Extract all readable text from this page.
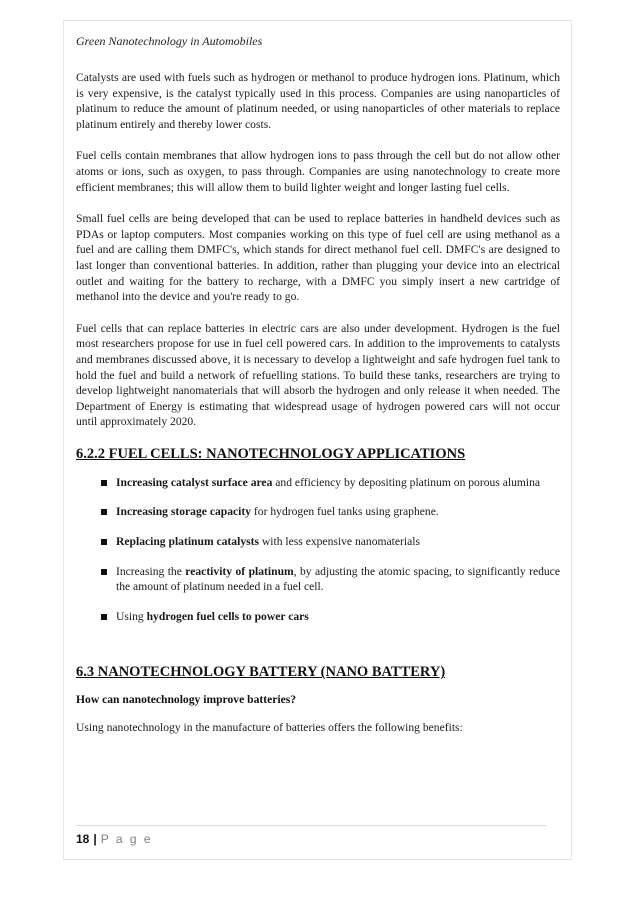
Green Nanotechnology in Automobiles

Catalysts are used with fuels such as hydrogen or methanol to produce hydrogen ions. Platinum, which is very expensive, is the catalyst typically used in this process. Companies are using nanoparticles of platinum to reduce the amount of platinum needed, or using nanoparticles of other materials to replace platinum entirely and thereby lower costs.

Fuel cells contain membranes that allow hydrogen ions to pass through the cell but do not allow other atoms or ions, such as oxygen, to pass through. Companies are using nanotechnology to create more efficient membranes; this will allow them to build lighter weight and longer lasting fuel cells.

Small fuel cells are being developed that can be used to replace batteries in handheld devices such as PDAs or laptop computers. Most companies working on this type of fuel cell are using methanol as a fuel and are calling them DMFC's, which stands for direct methanol fuel cell. DMFC's are designed to last longer than conventional batteries. In addition, rather than plugging your device into an electrical outlet and waiting for the battery to recharge, with a DMFC you simply insert a new cartridge of methanol into the device and you're ready to go.

Fuel cells that can replace batteries in electric cars are also under development. Hydrogen is the fuel most researchers propose for use in fuel cell powered cars. In addition to the improvements to catalysts and membranes discussed above, it is necessary to develop a lightweight and safe hydrogen fuel tank to hold the fuel and build a network of refuelling stations. To build these tanks, researchers are trying to develop lightweight nanomaterials that will absorb the hydrogen and only release it when needed. The Department of Energy is estimating that widespread usage of hydrogen powered cars will not occur until approximately 2020.

6.2.2 FUEL CELLS: NANOTECHNOLOGY APPLICATIONS
Increasing catalyst surface area and efficiency by depositing platinum on porous alumina
Increasing storage capacity for hydrogen fuel tanks using graphene.
Replacing platinum catalysts with less expensive nanomaterials
Increasing the reactivity of platinum, by adjusting the atomic spacing, to significantly reduce the amount of platinum needed in a fuel cell.
Using hydrogen fuel cells to power cars
6.3 NANOTECHNOLOGY BATTERY (NANO BATTERY)
How can nanotechnology improve batteries?

Using nanotechnology in the manufacture of batteries offers the following benefits:

18 | P a g e
